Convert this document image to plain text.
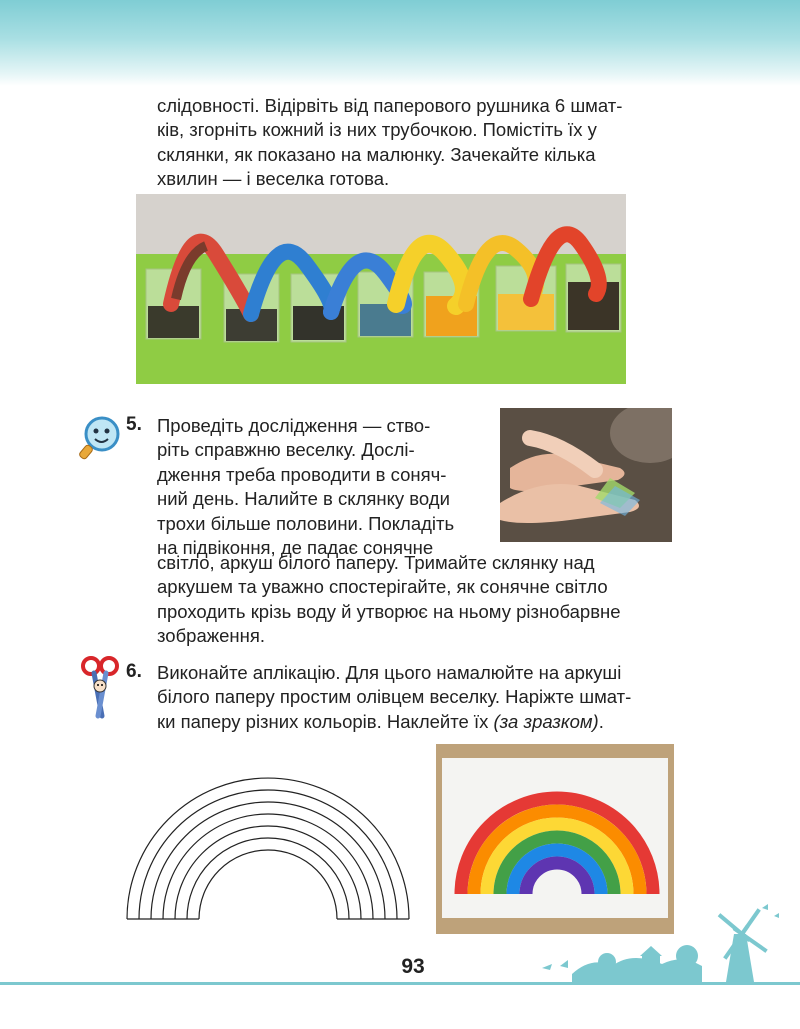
слідовності. Відірвіть від паперового рушника 6 шмат-
ків, згорніть кожний із них трубочкою. Помістіть їх у
склянки, як показано на малюнку. Зачекайте кілька
хвилин — і веселка готова.
5. Проведіть дослідження — ство-
ріть справжню веселку. Дослі-
дження треба проводити в соняч-
ний день. Налийте в склянку води
трохи більше половини. Покладіть
на підвіконня, де падає сонячне
світло, аркуш білого паперу. Тримайте склянку над
аркушем та уважно спостерігайте, як сонячне світло
проходить крізь воду й утворює на ньому різнобарвне
зображення.
6. Виконайте аплікацію. Для цього намалюйте на аркуші
білого паперу простим олівцем веселку. Наріжте шмат-
ки паперу різних кольорів. Наклейте їх (за зразком).
93
